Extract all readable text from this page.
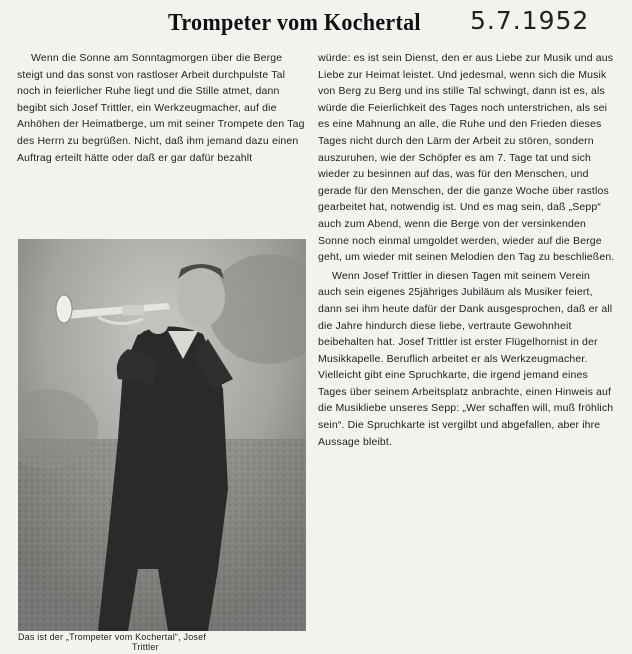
Trompeter vom Kochertal 5.7.1952

Wenn die Sonne am Sonntagmorgen über die Berge steigt und das sonst von rastloser Arbeit durchpulste Tal noch in feierlicher Ruhe liegt und die Stille atmet, dann begibt sich Josef Trittler, ein Werkzeugmacher, auf die Anhöhen der Heimatberge, um mit seiner Trompete den Tag des Herrn zu begrüßen. Nicht, daß ihm jemand dazu einen Auftrag erteilt hätte oder daß er gar dafür bezahlt

Das ist der „Trompeter vom Kochertal“, Josef
Trittler

würde: es ist sein Dienst, den er aus Liebe zur Musik und aus Liebe zur Heimat leistet. Und jedesmal, wenn sich die Musik von Berg zu Berg und ins stille Tal schwingt, dann ist es, als würde die Feierlichkeit des Tages noch unterstrichen, als sei es eine Mahnung an alle, die Ruhe und den Frieden dieses Tages nicht durch den Lärm der Arbeit zu stören, sondern auszuruhen, wie der Schöpfer es am 7. Tage tat und sich wieder zu besinnen auf das, was für den Menschen, und gerade für den Menschen, der die ganze Woche über rastlos gearbeitet hat, notwendig ist. Und es mag sein, daß „Sepp“ auch zum Abend, wenn die Berge von der versinkenden Sonne noch einmal umgoldet werden, wieder auf die Berge geht, um wieder mit seinen Melodien den Tag zu beschließen.

Wenn Josef Trittler in diesen Tagen mit seinem Verein auch sein eigenes 25jähriges Jubiläum als Musiker feiert, dann sei ihm heute dafür der Dank ausgesprochen, daß er all die Jahre hindurch diese liebe, vertraute Gewohnheit beibehalten hat. Josef Trittler ist erster Flügelhornist in der Musikkapelle. Beruflich arbeitet er als Werkzeugmacher. Vielleicht gibt eine Spruchkarte, die irgend jemand eines Tages über seinem Arbeitsplatz anbrachte, einen Hinweis auf die Musikliebe unseres Sepp: „Wer schaffen will, muß fröhlich sein“. Die Spruchkarte ist vergilbt und abgefallen, aber ihre Aussage bleibt.
